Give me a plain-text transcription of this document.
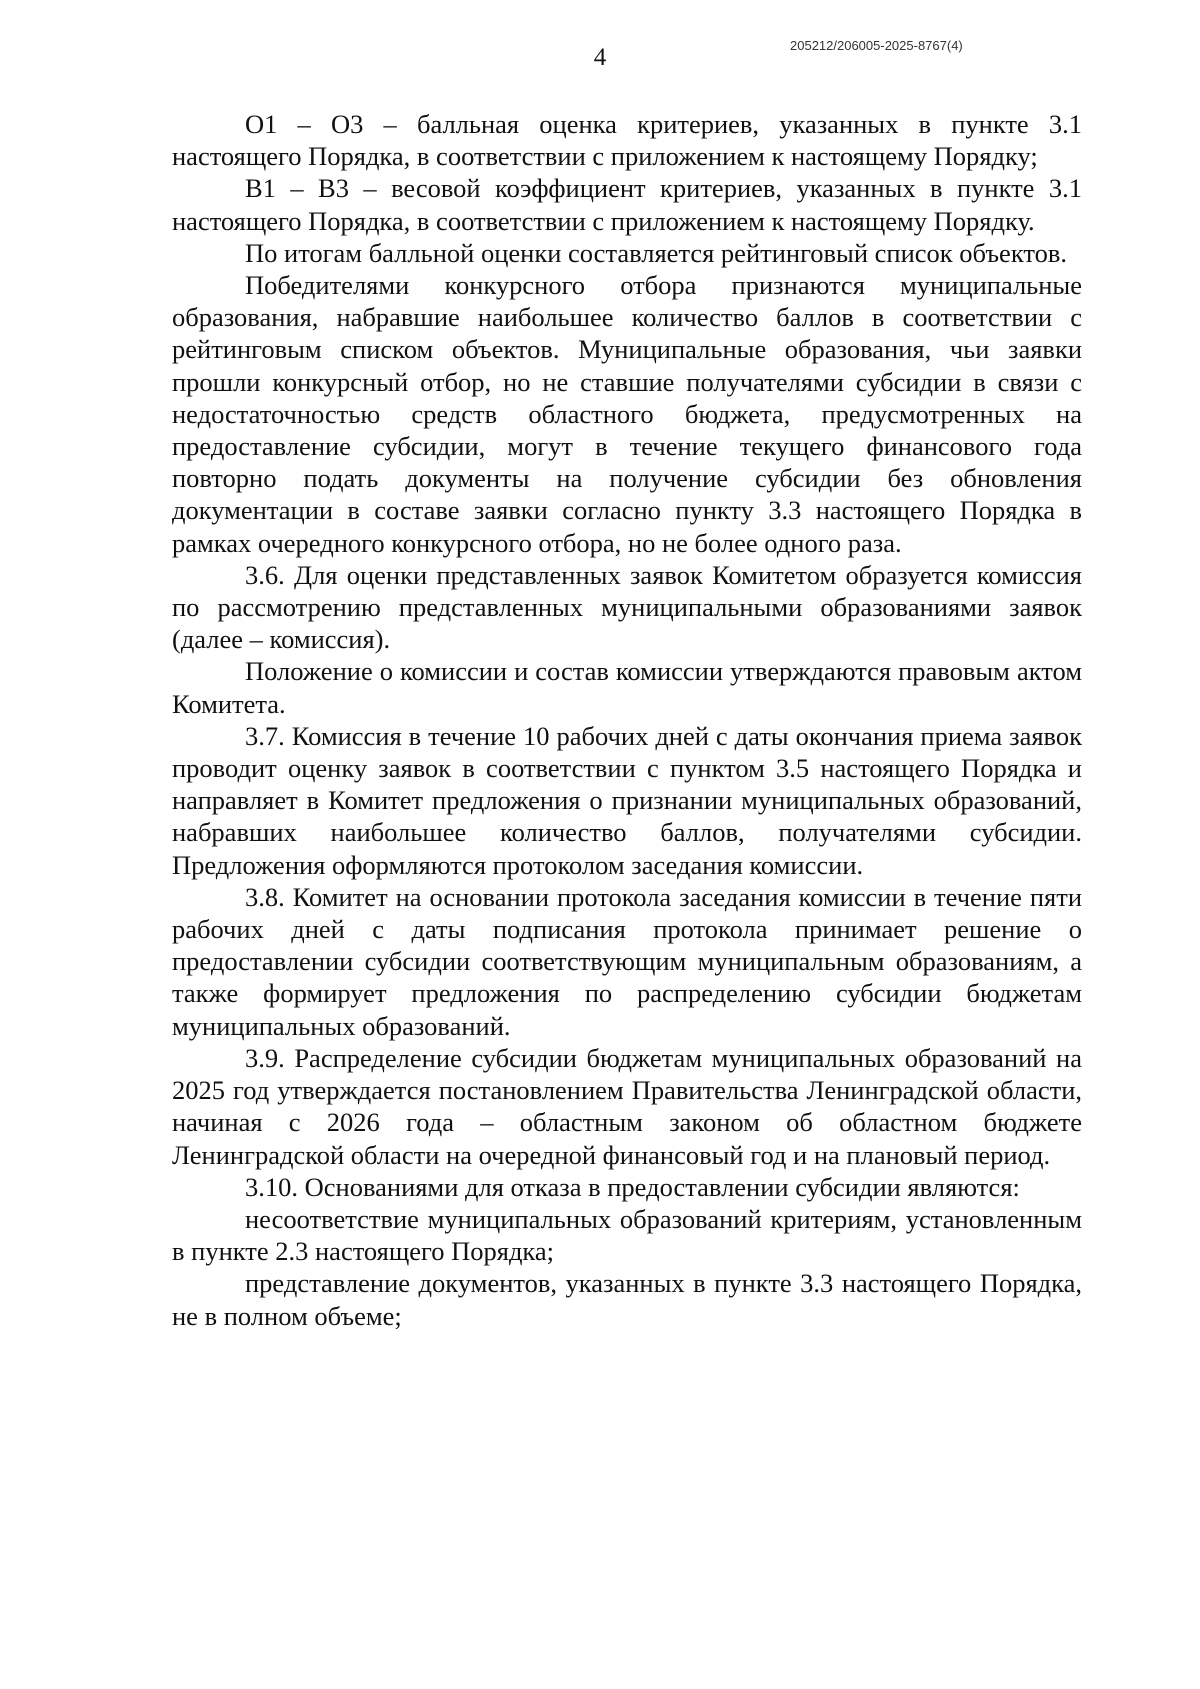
4	205212/206005-2025-8767(4)

О1 – О3 – балльная оценка критериев, указанных в пункте 3.1 настоящего Порядка, в соответствии с приложением к настоящему Порядку;

В1 – В3 – весовой коэффициент критериев, указанных в пункте 3.1 настоящего Порядка, в соответствии с приложением к настоящему Порядку.

По итогам балльной оценки составляется рейтинговый список объектов.

Победителями конкурсного отбора признаются муниципальные образования, набравшие наибольшее количество баллов в соответствии с рейтинговым списком объектов. Муниципальные образования, чьи заявки прошли конкурсный отбор, но не ставшие получателями субсидии в связи с недостаточностью средств областного бюджета, предусмотренных на предоставление субсидии, могут в течение текущего финансового года повторно подать документы на получение субсидии без обновления документации в составе заявки согласно пункту 3.3 настоящего Порядка в рамках очередного конкурсного отбора, но не более одного раза.

3.6. Для оценки представленных заявок Комитетом образуется комиссия по рассмотрению представленных муниципальными образованиями заявок (далее – комиссия).

Положение о комиссии и состав комиссии утверждаются правовым актом Комитета.

3.7. Комиссия в течение 10 рабочих дней с даты окончания приема заявок проводит оценку заявок в соответствии с пунктом 3.5 настоящего Порядка и направляет в Комитет предложения о признании муниципальных образований, набравших наибольшее количество баллов, получателями субсидии. Предложения оформляются протоколом заседания комиссии.

3.8. Комитет на основании протокола заседания комиссии в течение пяти рабочих дней с даты подписания протокола принимает решение о предоставлении субсидии соответствующим муниципальным образованиям, а также формирует предложения по распределению субсидии бюджетам муниципальных образований.

3.9. Распределение субсидии бюджетам муниципальных образований на 2025 год утверждается постановлением Правительства Ленинградской области, начиная с 2026 года – областным законом об областном бюджете Ленинградской области на очередной финансовый год и на плановый период.

3.10. Основаниями для отказа в предоставлении субсидии являются:

несоответствие муниципальных образований критериям, установленным в пункте 2.3 настоящего Порядка;

представление документов, указанных в пункте 3.3 настоящего Порядка, не в полном объеме;
